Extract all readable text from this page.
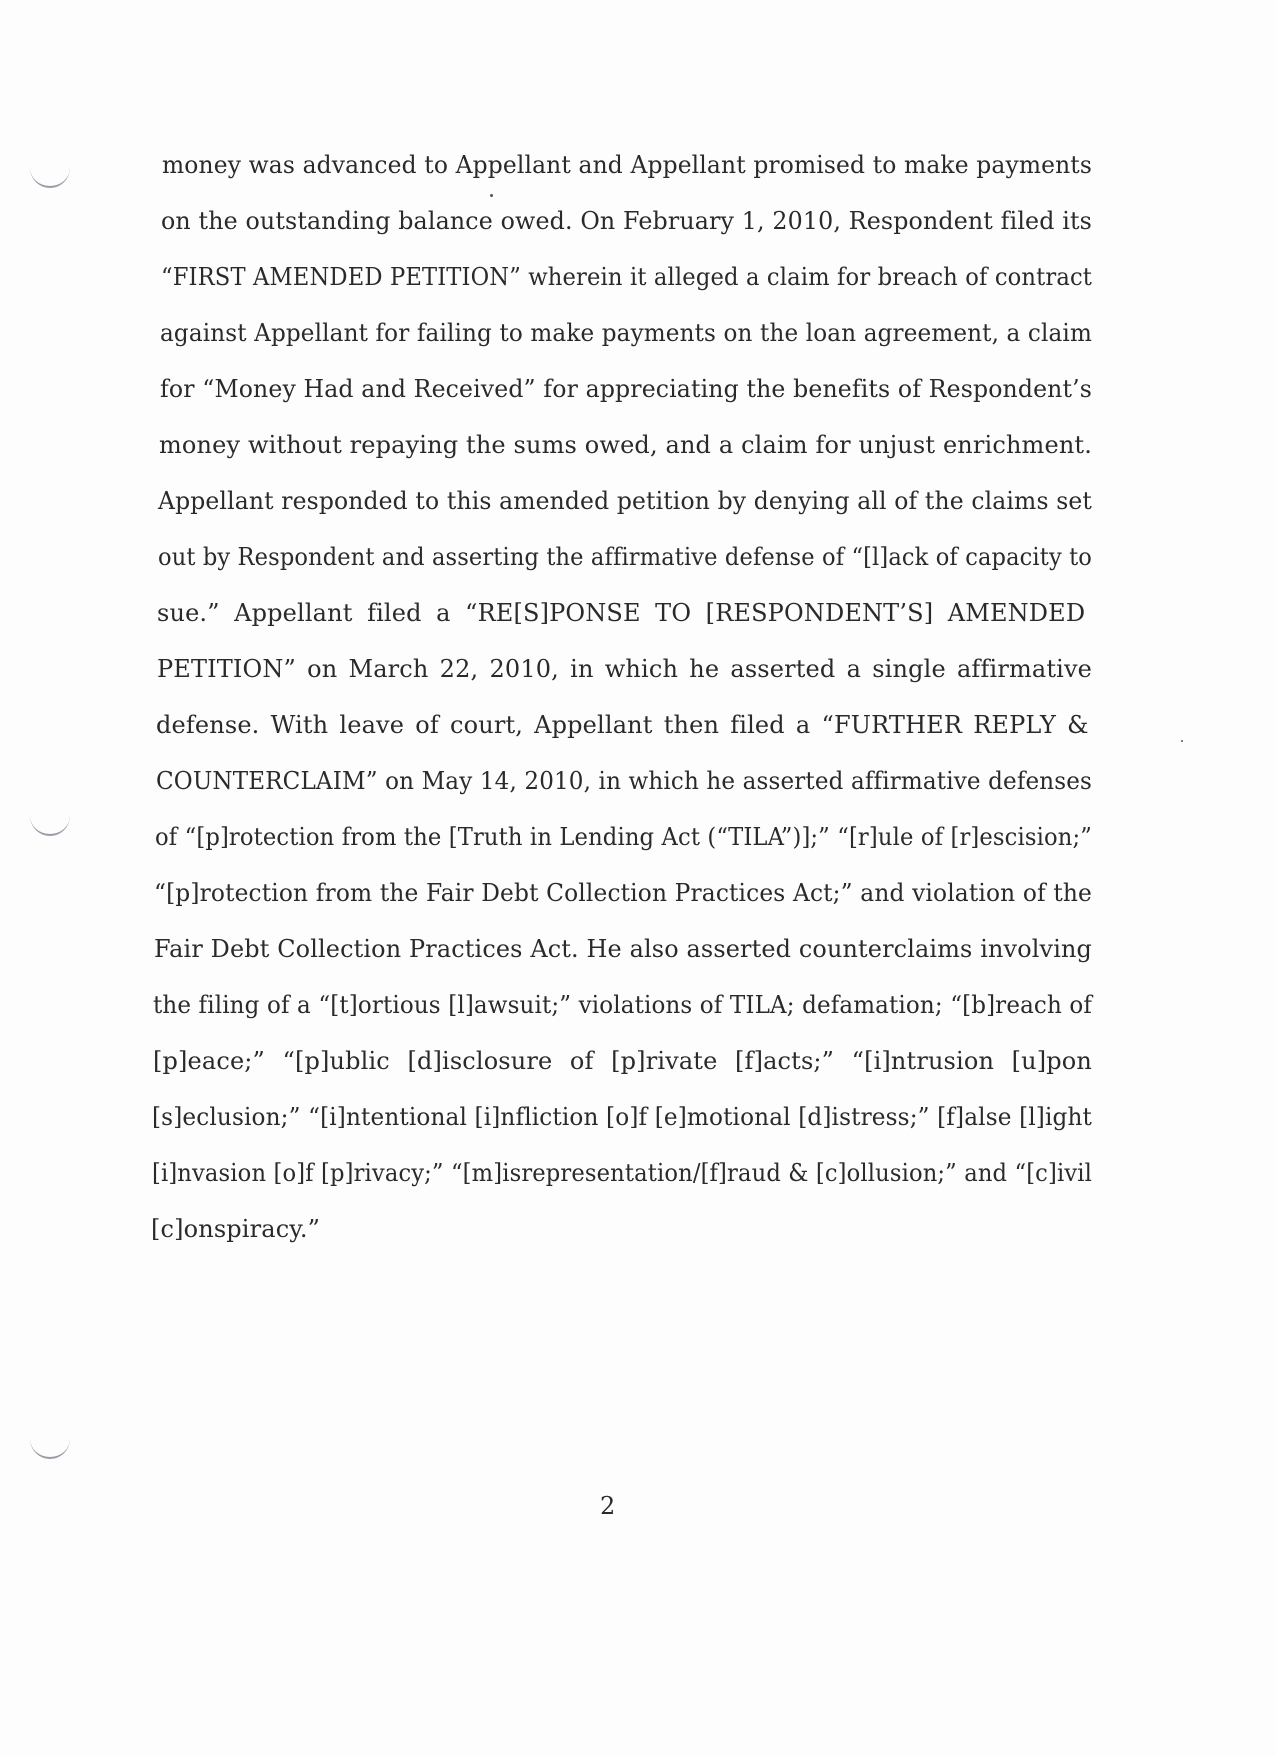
money was advanced to Appellant and Appellant promised to make payments
on the outstanding balance owed. On February 1, 2010, Respondent filed its
“FIRST AMENDED PETITION” wherein it alleged a claim for breach of contract
against Appellant for failing to make payments on the loan agreement, a claim
for “Money Had and Received” for appreciating the benefits of Respondent’s
money without repaying the sums owed, and a claim for unjust enrichment.
Appellant responded to this amended petition by denying all of the claims set
out by Respondent and asserting the affirmative defense of “[l]ack of capacity to
sue.” Appellant filed a “RE[S]PONSE TO [RESPONDENT’S] AMENDED
PETITION” on March 22, 2010, in which he asserted a single affirmative
defense. With leave of court, Appellant then filed a “FURTHER REPLY &
COUNTERCLAIM” on May 14, 2010, in which he asserted affirmative defenses
of “[p]rotection from the [Truth in Lending Act (“TILA”)];” “[r]ule of [r]escision;”
“[p]rotection from the Fair Debt Collection Practices Act;” and violation of the
Fair Debt Collection Practices Act. He also asserted counterclaims involving
the filing of a “[t]ortious [l]awsuit;” violations of TILA; defamation; “[b]reach of
[p]eace;” “[p]ublic [d]isclosure of [p]rivate [f]acts;” “[i]ntrusion [u]pon
[s]eclusion;” “[i]ntentional [i]nfliction [o]f [e]motional [d]istress;” [f]alse [l]ight
[i]nvasion [o]f [p]rivacy;” “[m]isrepresentation/[f]raud & [c]ollusion;” and “[c]ivil
[c]onspiracy.”
2
